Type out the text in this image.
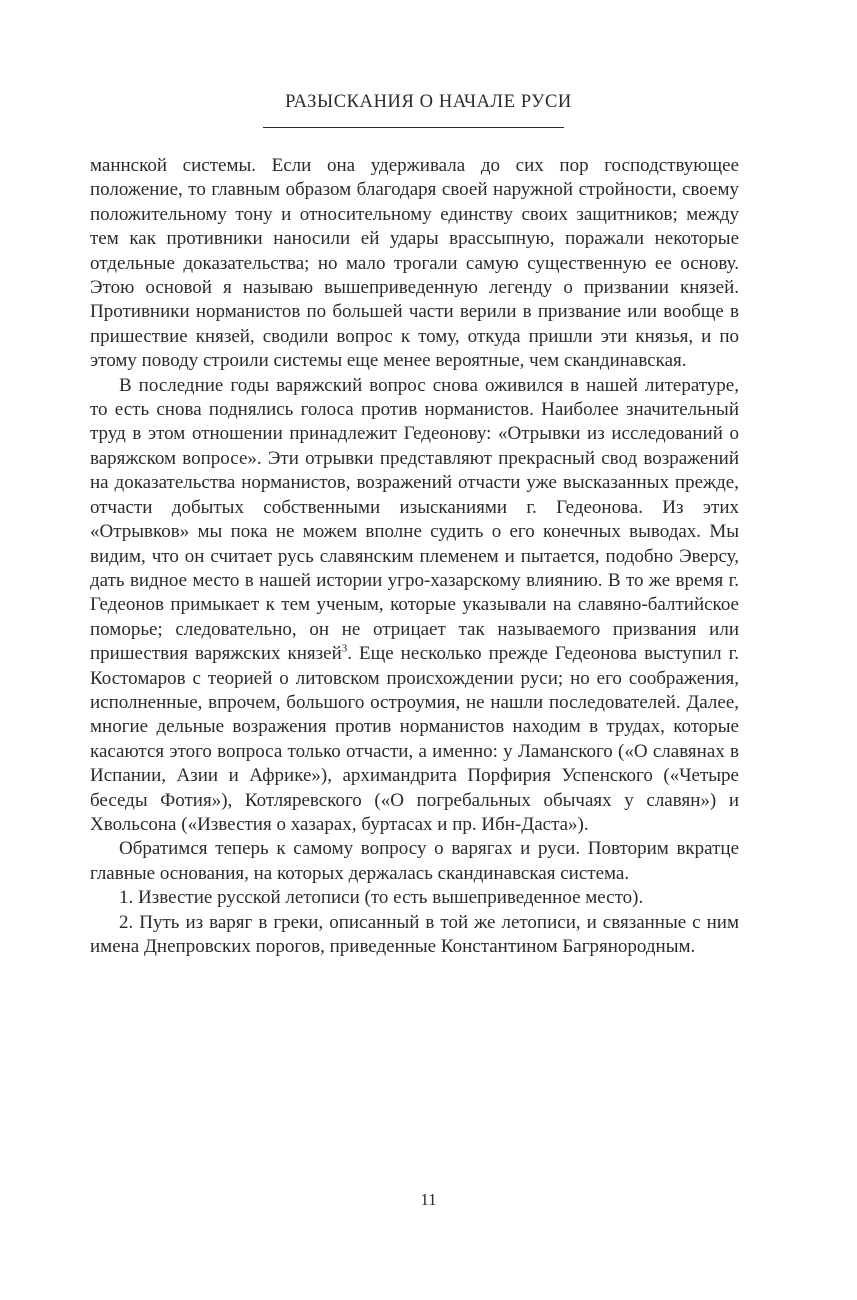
РАЗЫСКАНИЯ О НАЧАЛЕ РУСИ

маннской системы. Если она удерживала до сих пор господствующее положение, то главным образом благодаря своей наружной стройности, своему положительному тону и относительному единству своих защитников; между тем как противники наносили ей удары врассыпную, поражали некоторые отдельные доказательства; но мало трогали самую существенную ее основу. Этою основой я называю вышеприведенную легенду о призвании князей. Противники норманистов по большей части верили в призвание или вообще в пришествие князей, сводили вопрос к тому, откуда пришли эти князья, и по этому поводу строили системы еще менее вероятные, чем скандинавская.

В последние годы варяжский вопрос снова оживился в нашей литературе, то есть снова поднялись голоса против норманистов. Наиболее значительный труд в этом отношении принадлежит Гедеонову: «Отрывки из исследований о варяжском вопросе». Эти отрывки представляют прекрасный свод возражений на доказательства норманистов, возражений отчасти уже высказанных прежде, отчасти добытых собственными изысканиями г. Гедеонова. Из этих «Отрывков» мы пока не можем вполне судить о его конечных выводах. Мы видим, что он считает русь славянским племенем и пытается, подобно Эверсу, дать видное место в нашей истории угро-хазарскому влиянию. В то же время г. Гедеонов примыкает к тем ученым, которые указывали на славяно-балтийское поморье; следовательно, он не отрицает так называемого призвания или пришествия варяжских князей$^3$. Еще несколько прежде Гедеонова выступил г. Костомаров с теорией о литовском происхождении руси; но его соображения, исполненные, впрочем, большого остроумия, не нашли последователей. Далее, многие дельные возражения против норманистов находим в трудах, которые касаются этого вопроса только отчасти, а именно: у Ламанского («О славянах в Испании, Азии и Африке»), архимандрита Порфирия Успенского («Четыре беседы Фотия»), Котляревского («О погребальных обычаях у славян») и Хвольсона («Известия о хазарах, буртасах и пр. Ибн-Даста»).

Обратимся теперь к самому вопросу о варягах и руси. Повторим вкратце главные основания, на которых держалась скандинавская система.

1. Известие русской летописи (то есть вышеприведенное место).

2. Путь из варяг в греки, описанный в той же летописи, и связанные с ним имена Днепровских порогов, приведенные Константином Багрянородным.

11
